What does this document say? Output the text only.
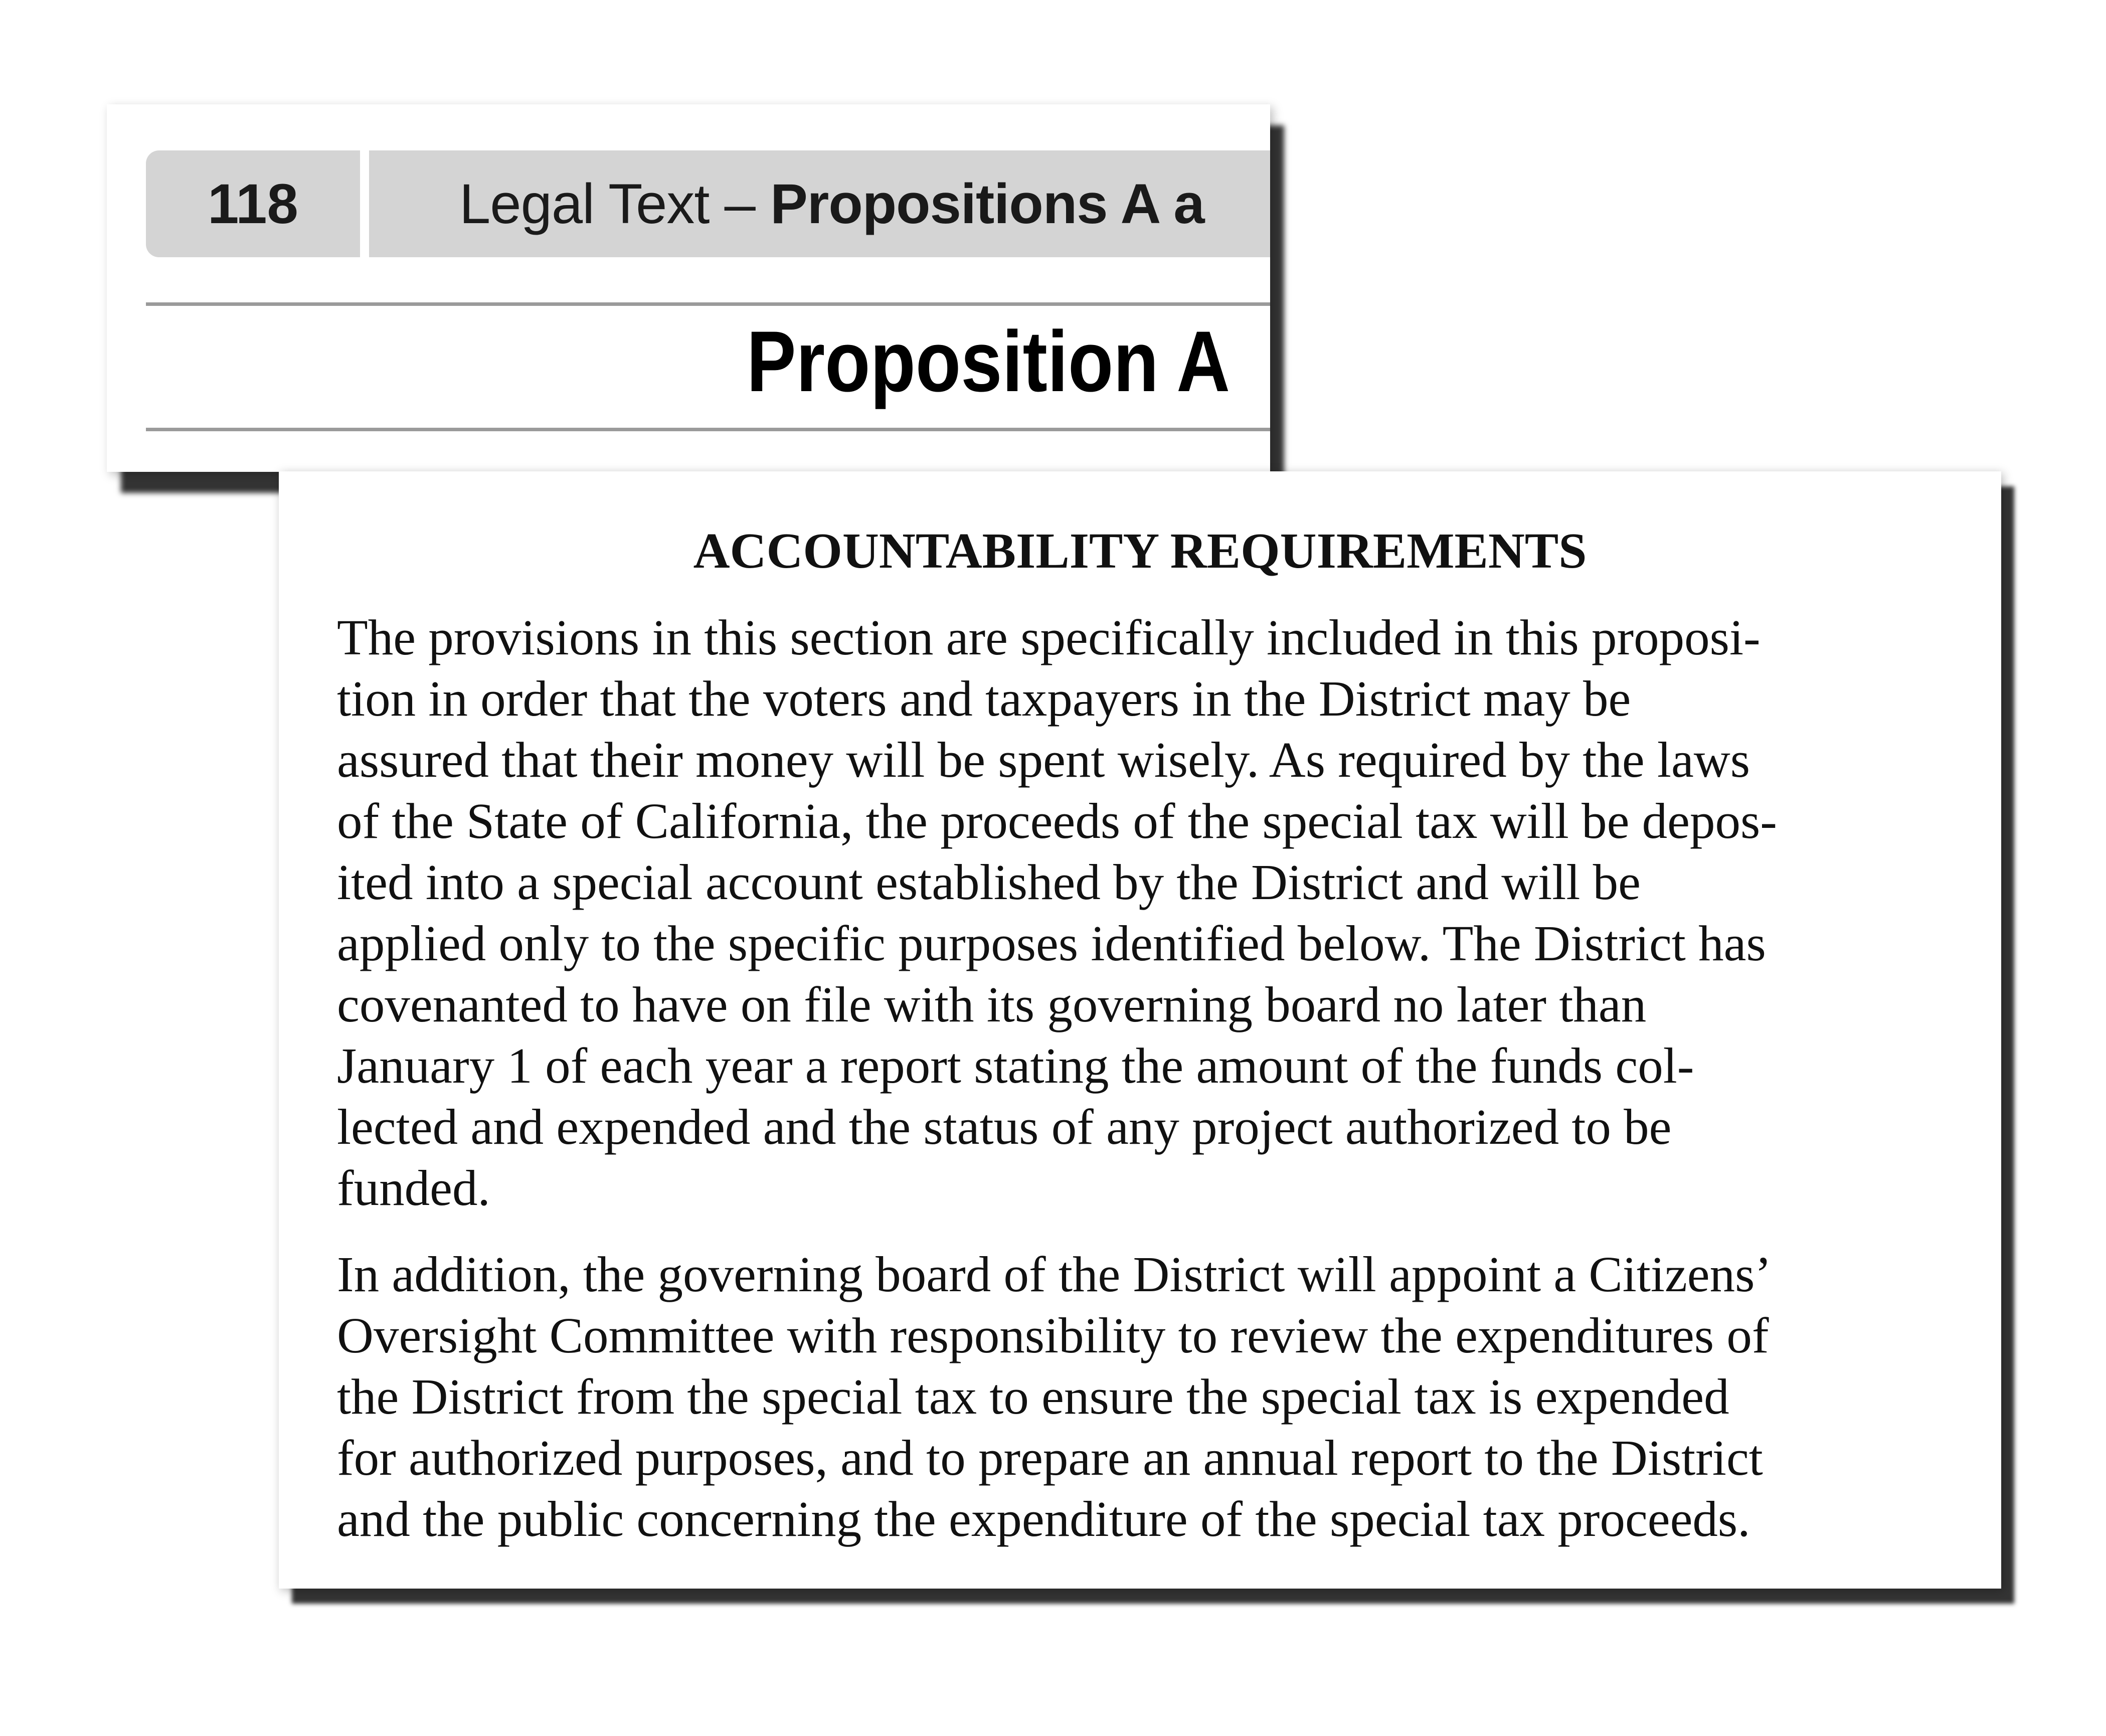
118	Legal Text – Propositions A a
Proposition A
ACCOUNTABILITY REQUIREMENTS

The provisions in this section are specifically included in this proposi-
tion in order that the voters and taxpayers in the District may be
assured that their money will be spent wisely. As required by the laws
of the State of California, the proceeds of the special tax will be depos-
ited into a special account established by the District and will be
applied only to the specific purposes identified below. The District has
covenanted to have on file with its governing board no later than
January 1 of each year a report stating the amount of the funds col-
lected and expended and the status of any project authorized to be
funded.

In addition, the governing board of the District will appoint a Citizens’
Oversight Committee with responsibility to review the expenditures of
the District from the special tax to ensure the special tax is expended
for authorized purposes, and to prepare an annual report to the District
and the public concerning the expenditure of the special tax proceeds.
